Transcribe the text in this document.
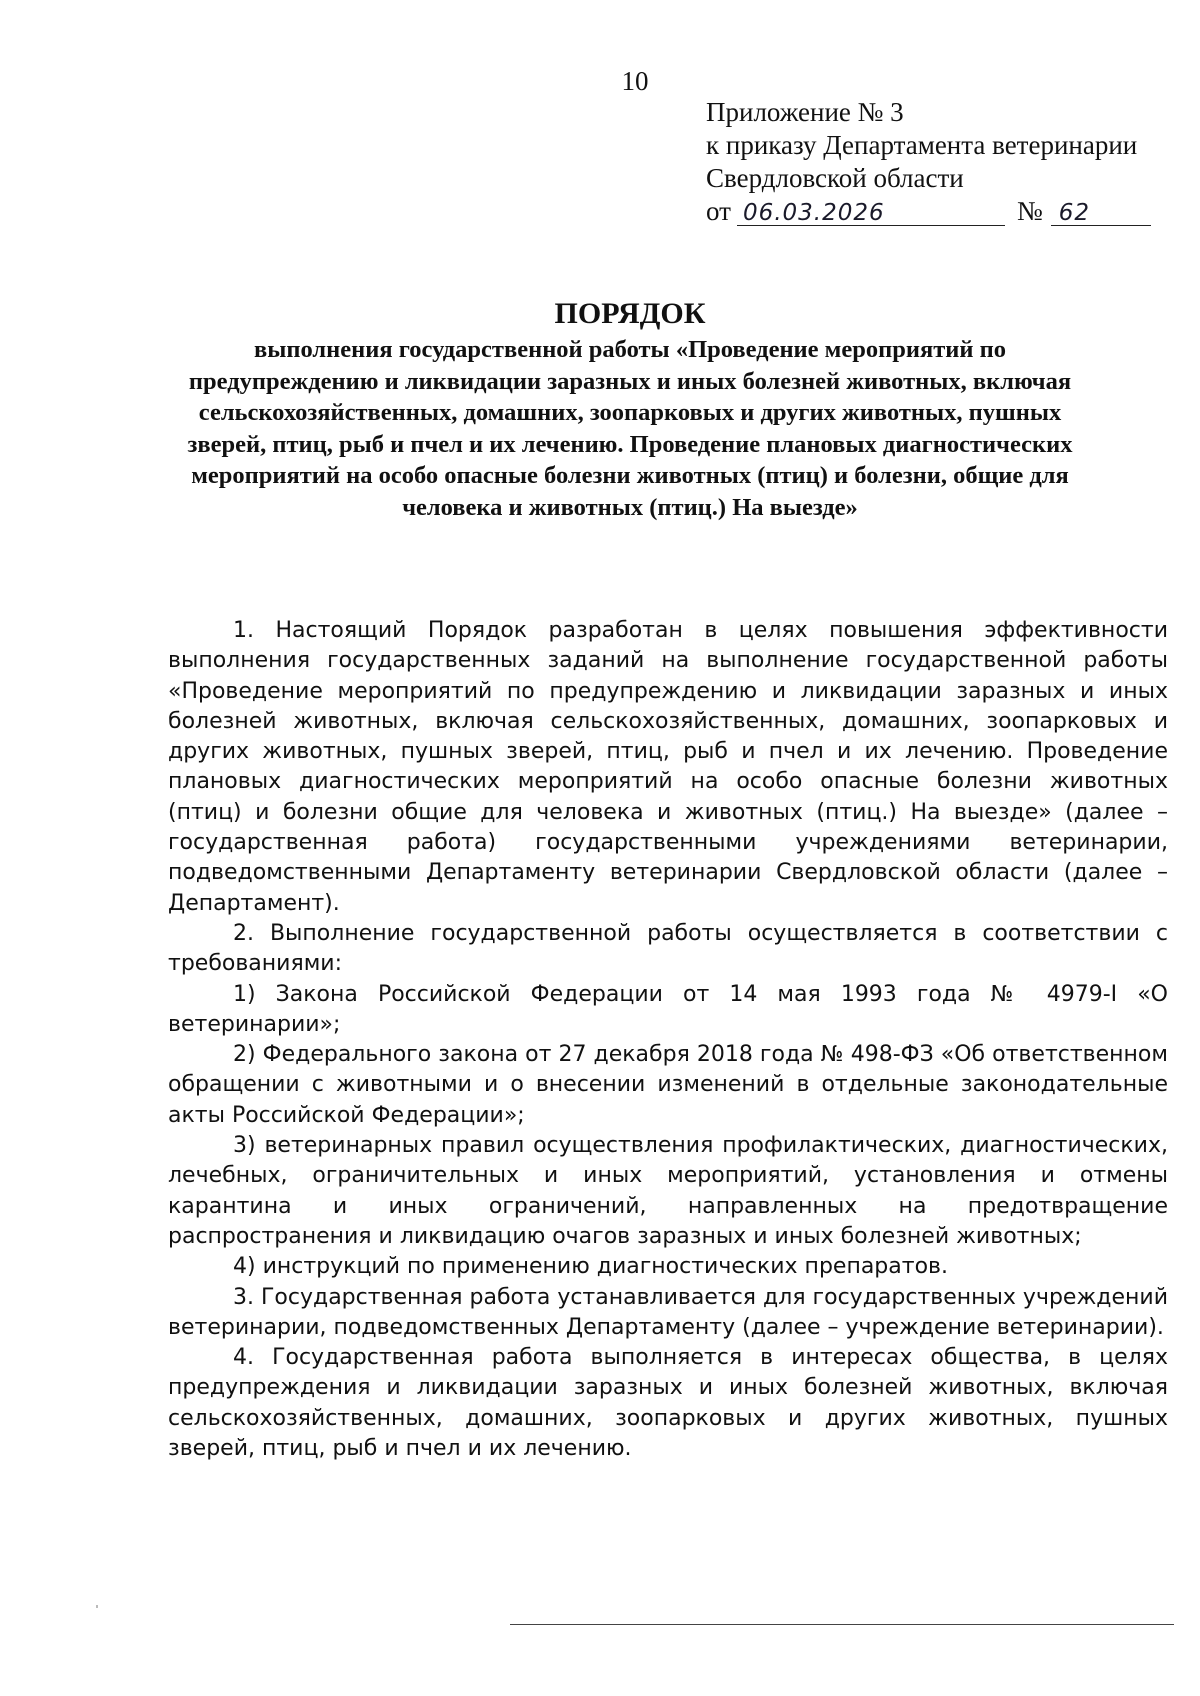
10
Приложение № 3
к приказу Департамента ветеринарии
Свердловской области
от 06.03.2026	№ 62
ПОРЯДОК
выполнения государственной работы «Проведение мероприятий по предупреждению и ликвидации заразных и иных болезней животных, включая сельскохозяйственных, домашних, зоопарковых и других животных, пушных зверей, птиц, рыб и пчел и их лечению. Проведение плановых диагностических мероприятий на особо опасные болезни животных (птиц) и болезни, общие для человека и животных (птиц.) На выезде»

1. Настоящий Порядок разработан в целях повышения эффективности выполнения государственных заданий на выполнение государственной работы «Проведение мероприятий по предупреждению и ликвидации заразных и иных болезней животных, включая сельскохозяйственных, домашних, зоопарковых и других животных, пушных зверей, птиц, рыб и пчел и их лечению. Проведение плановых диагностических мероприятий на особо опасные болезни животных (птиц) и болезни общие для человека и животных (птиц.) На выезде» (далее – государственная работа) государственными учреждениями ветеринарии, подведомственными Департаменту ветеринарии Свердловской области (далее – Департамент).

2. Выполнение государственной работы осуществляется в соответствии с требованиями:

1) Закона Российской Федерации от 14 мая 1993 года № 4979-I «О ветеринарии»;

2) Федерального закона от 27 декабря 2018 года № 498-ФЗ «Об ответственном обращении с животными и о внесении изменений в отдельные законодательные акты Российской Федерации»;

3) ветеринарных правил осуществления профилактических, диагностических, лечебных, ограничительных и иных мероприятий, установления и отмены карантина и иных ограничений, направленных на предотвращение распространения и ликвидацию очагов заразных и иных болезней животных;

4) инструкций по применению диагностических препаратов.

3. Государственная работа устанавливается для государственных учреждений ветеринарии, подведомственных Департаменту (далее – учреждение ветеринарии).

4. Государственная работа выполняется в интересах общества, в целях предупреждения и ликвидации заразных и иных болезней животных, включая сельскохозяйственных, домашних, зоопарковых и других животных, пушных зверей, птиц, рыб и пчел и их лечению.
